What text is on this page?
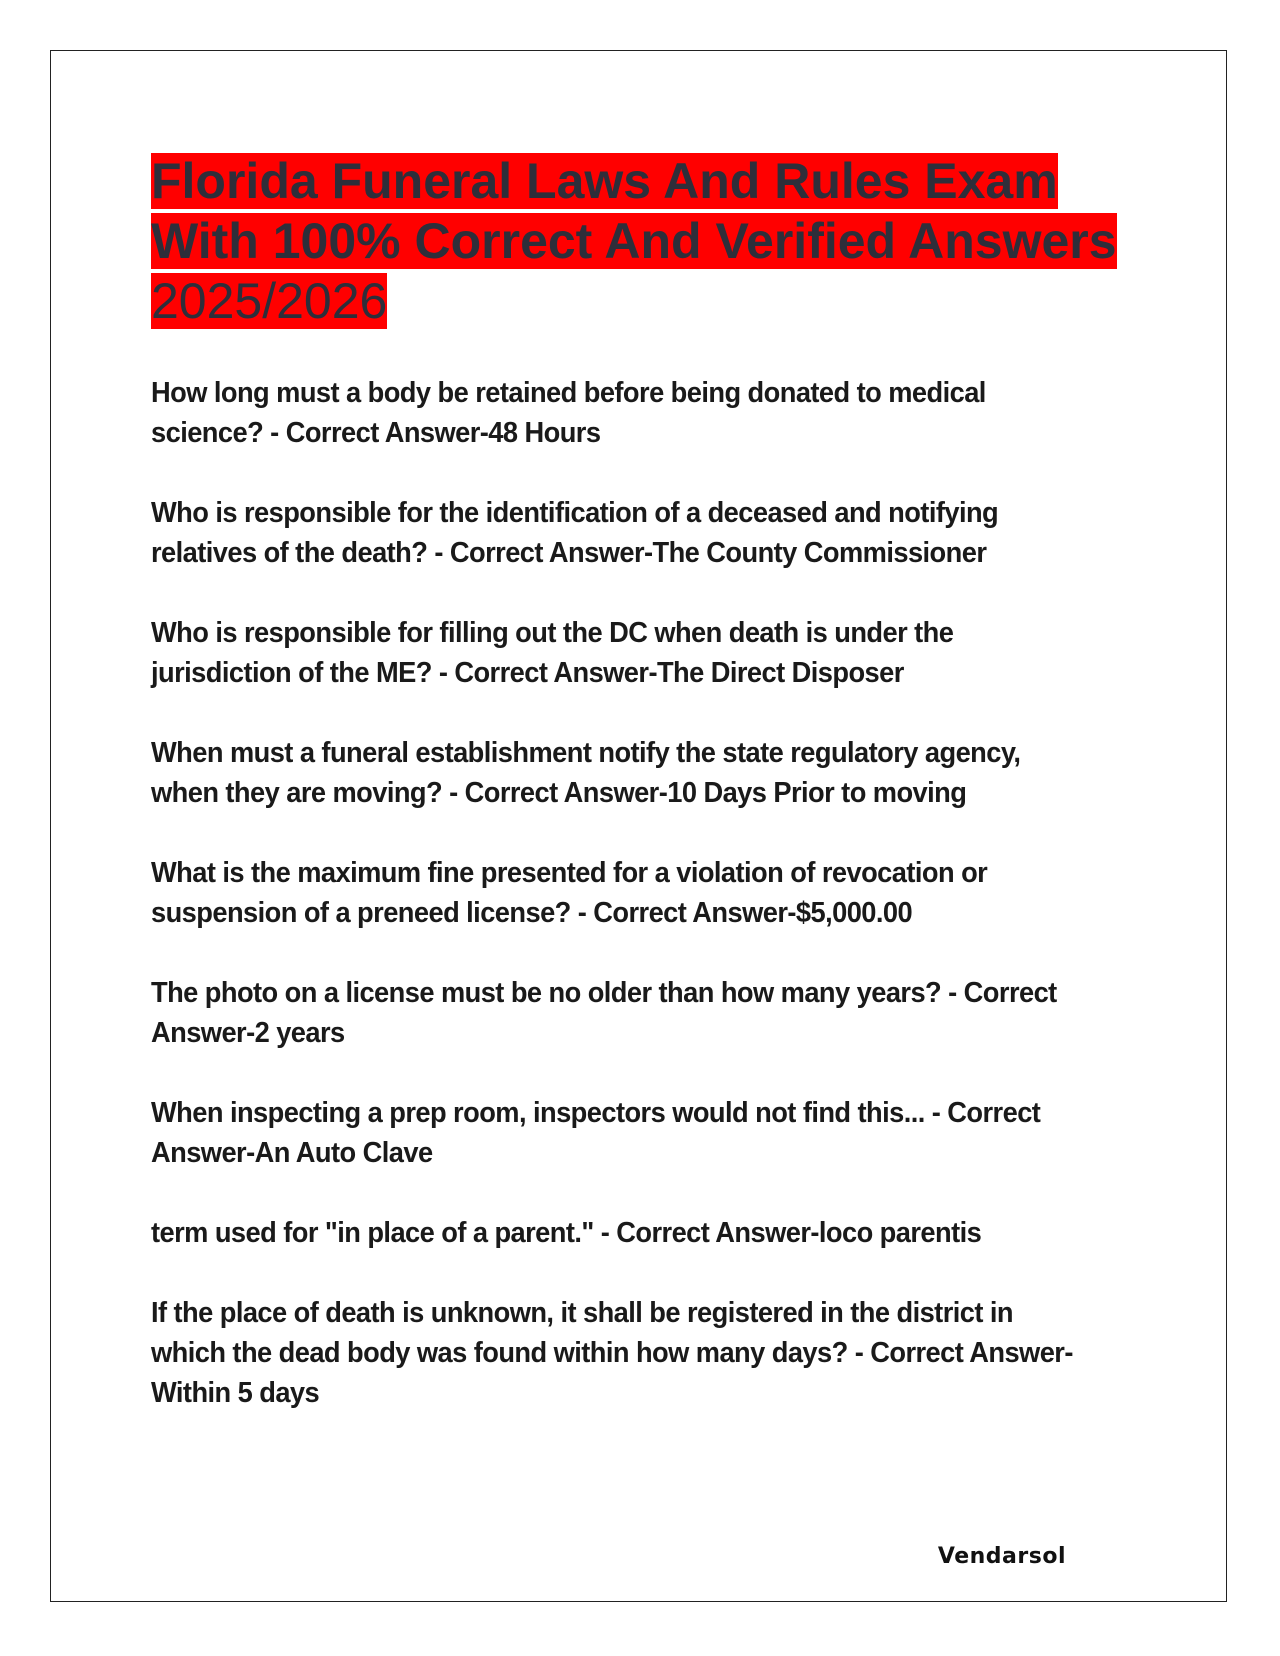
Florida Funeral Laws And Rules Exam
With 100% Correct And Verified Answers
2025/2026
How long must a body be retained before being donated to medical science? - Correct Answer-48 Hours
Who is responsible for the identification of a deceased and notifying relatives of the death? - Correct Answer-The County Commissioner
Who is responsible for filling out the DC when death is under the jurisdiction of the ME? - Correct Answer-The Direct Disposer
When must a funeral establishment notify the state regulatory agency, when they are moving? - Correct Answer-10 Days Prior to moving
What is the maximum fine presented for a violation of revocation or suspension of a preneed license? - Correct Answer-$5,000.00
The photo on a license must be no older than how many years? - Correct Answer-2 years
When inspecting a prep room, inspectors would not find this... - Correct Answer-An Auto Clave
term used for "in place of a parent." - Correct Answer-loco parentis
If the place of death is unknown, it shall be registered in the district in which the dead body was found within how many days? - Correct Answer-Within 5 days
Vendarsol
